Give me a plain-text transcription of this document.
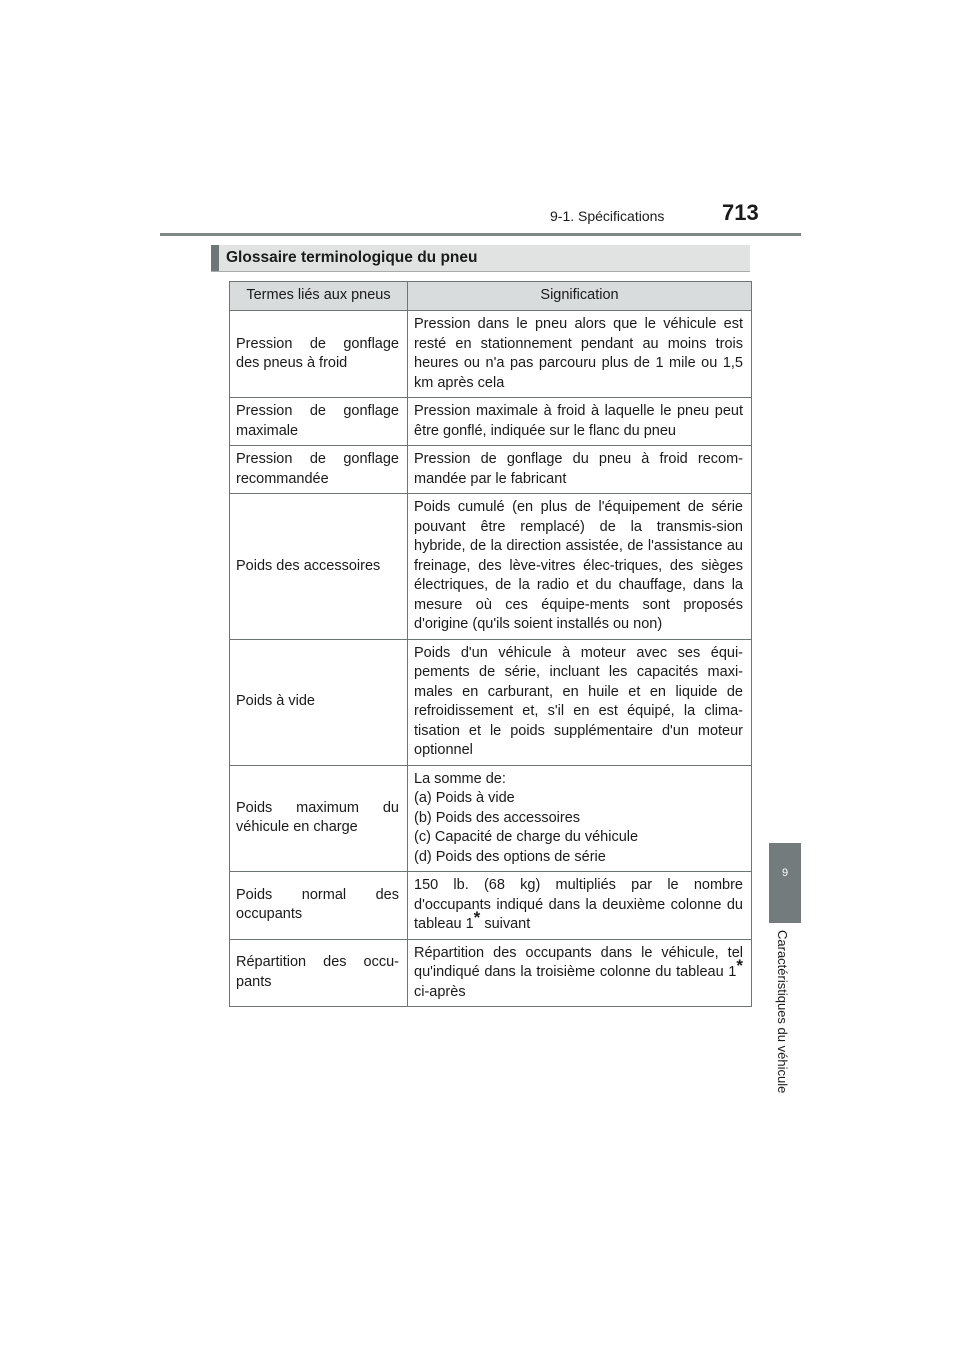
9-1. Spécifications	713
Glossaire terminologique du pneu
9
Caractéristiques du véhicule
Termes liés aux pneus	Signification
Pression de gonflage des pneus à froid	Pression dans le pneu alors que le véhicule est resté en stationnement pendant au moins trois heures ou n'a pas parcouru plus de 1 mile ou 1,5 km après cela
Pression de gonflage maximale	Pression maximale à froid à laquelle le pneu peut être gonflé, indiquée sur le flanc du pneu
Pression de gonflage recommandée	Pression de gonflage du pneu à froid recom-mandée par le fabricant
Poids des accessoires	Poids cumulé (en plus de l'équipement de série pouvant être remplacé) de la transmis-sion hybride, de la direction assistée, de l'assistance au freinage, des lève-vitres élec-triques, des sièges électriques, de la radio et du chauffage, dans la mesure où ces équipe-ments sont proposés d'origine (qu'ils soient installés ou non)
Poids à vide	Poids d'un véhicule à moteur avec ses équi-pements de série, incluant les capacités maxi-males en carburant, en huile et en liquide de refroidissement et, s'il en est équipé, la clima-tisation et le poids supplémentaire d'un moteur optionnel
Poids maximum du véhicule en charge	La somme de:
(a) Poids à vide
(b) Poids des accessoires
(c) Capacité de charge du véhicule
(d) Poids des options de série

Poids normal des occupants	150 lb. (68 kg) multipliés par le nombre d'occupants indiqué dans la deuxième colonne du tableau 1* suivant
Répartition des occu-pants	Répartition des occupants dans le véhicule, tel qu'indiqué dans la troisième colonne du tableau 1* ci-après
